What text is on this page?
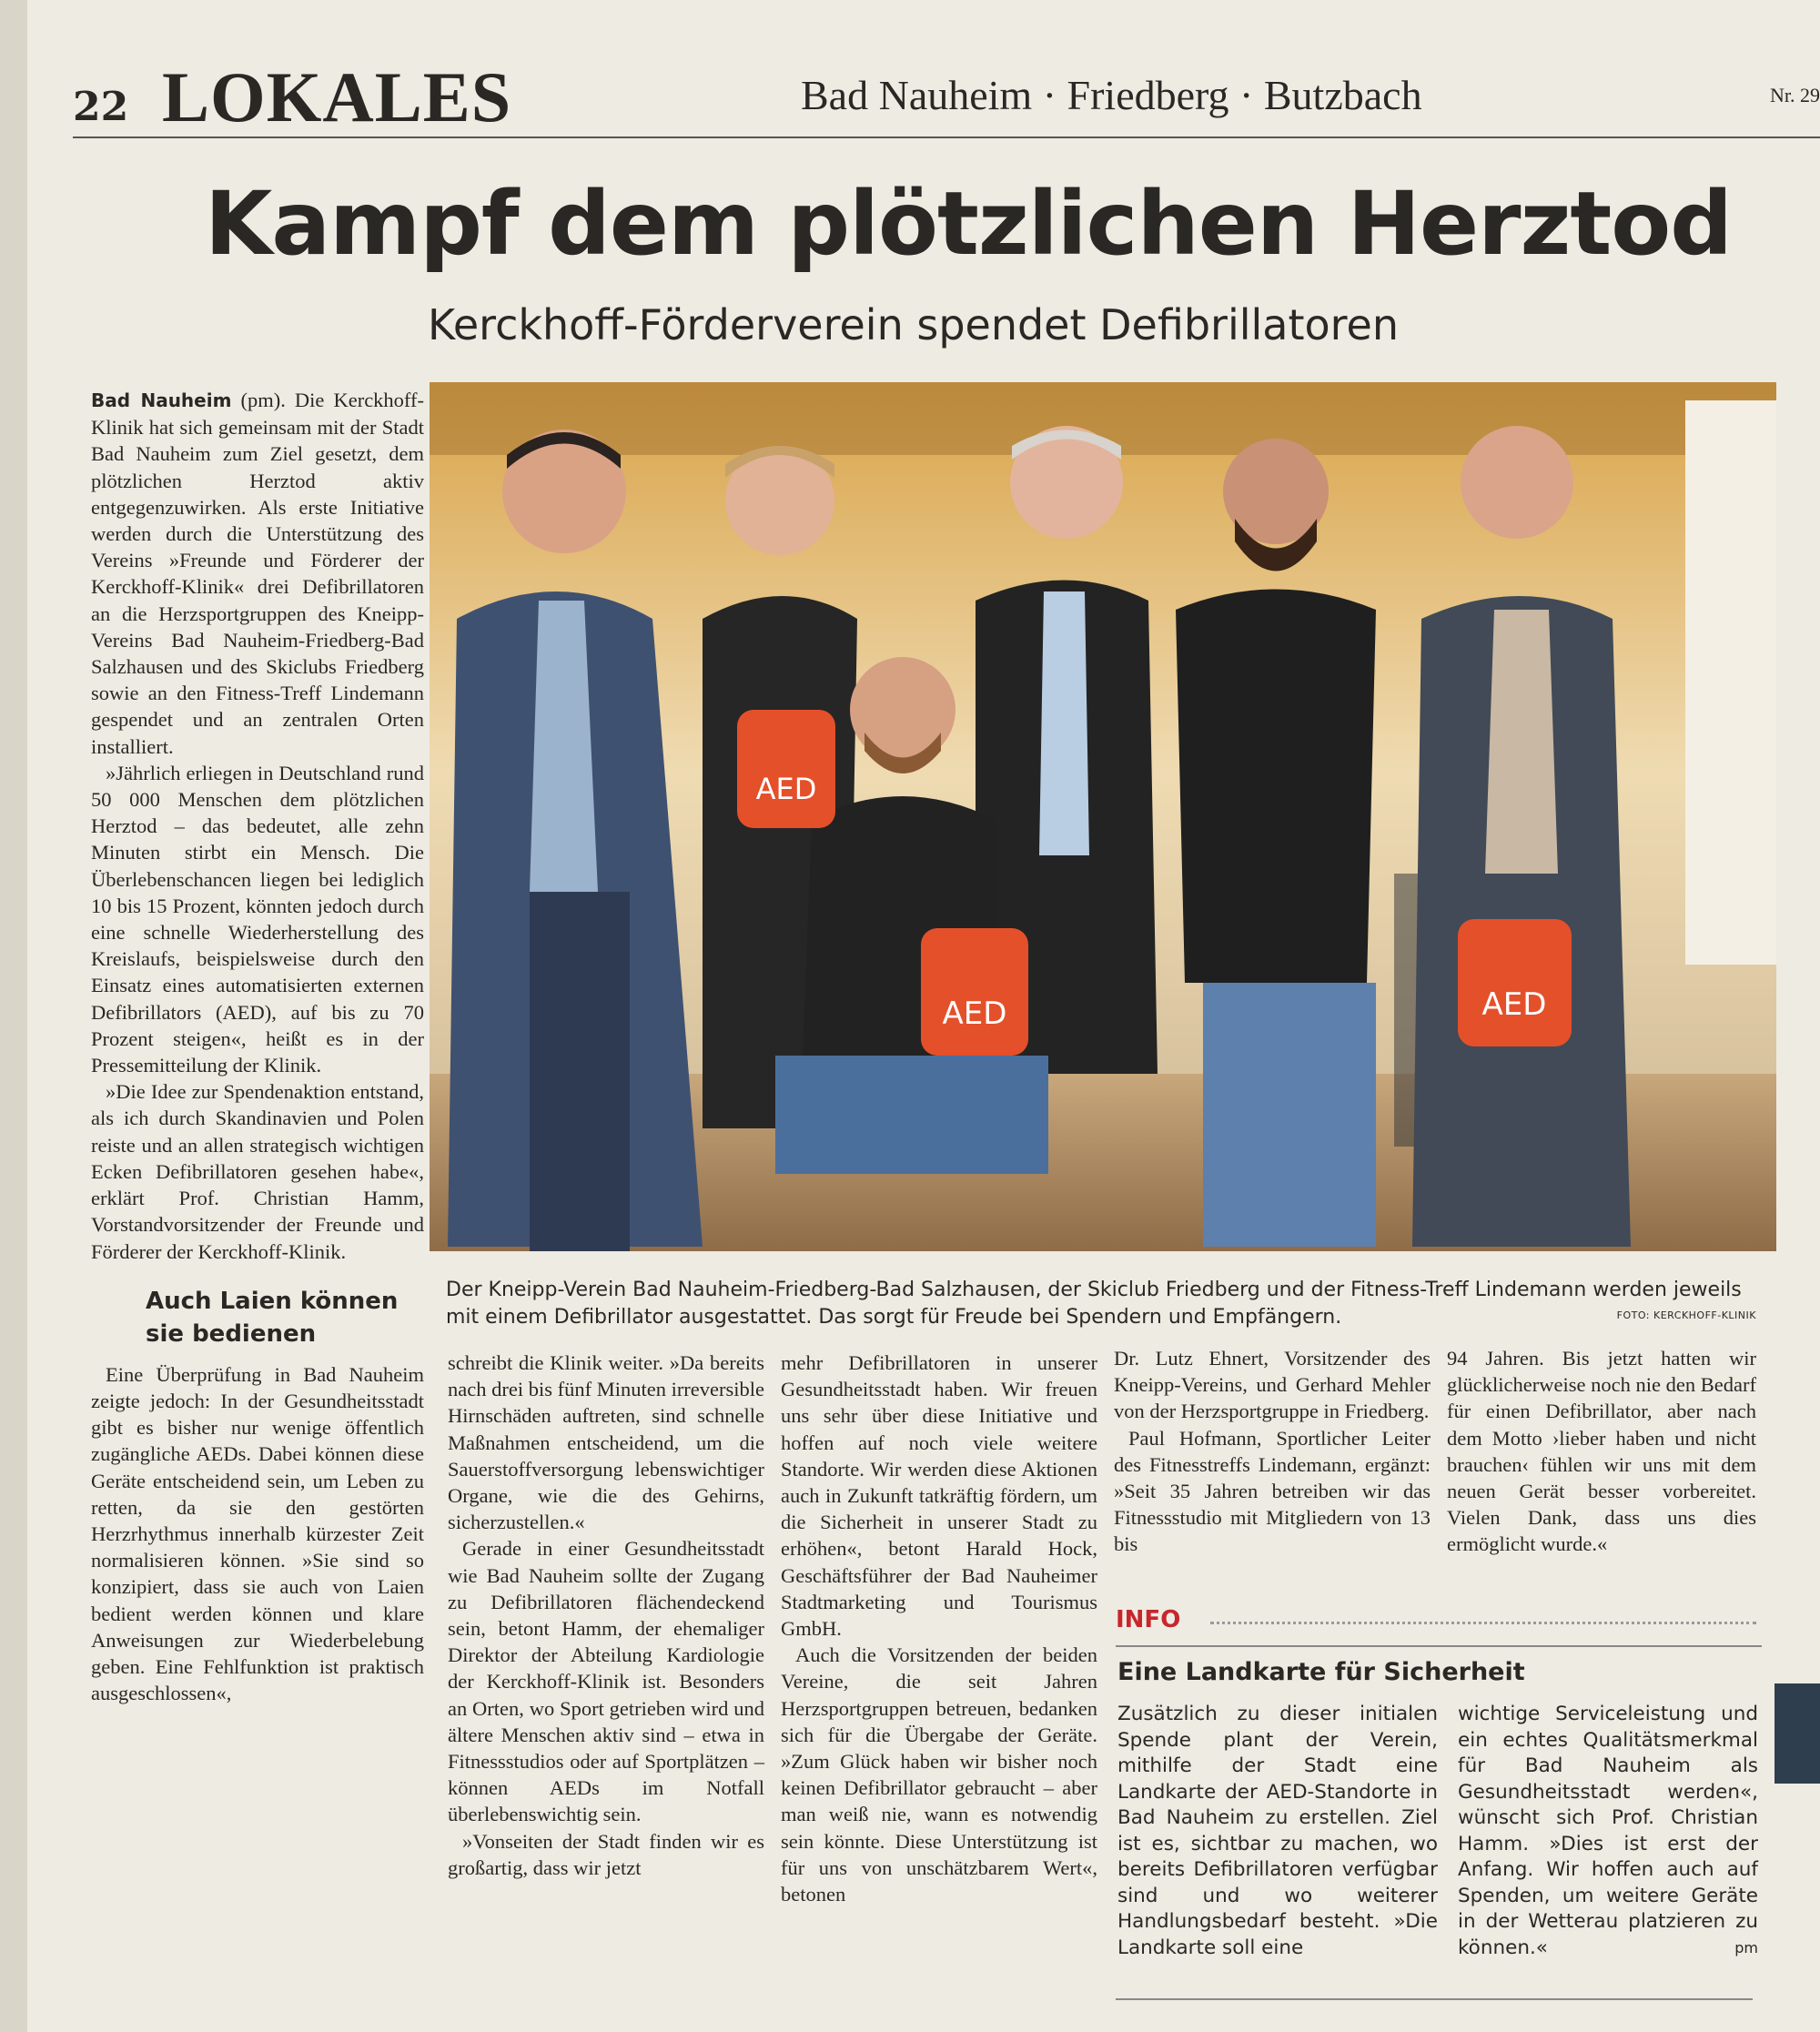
22 LOKALES	Bad Nauheim · Friedberg · Butzbach	Nr. 29
Kampf dem plötzlichen Herztod
Kerckhoff-Förderverein spendet Defibrillatoren

Bad Nauheim (pm). Die Kerckhoff-Klinik hat sich gemeinsam mit der Stadt Bad Nauheim zum Ziel gesetzt, dem plötzlichen Herztod aktiv entgegenzuwirken. Als erste Initiative werden durch die Unterstützung des Vereins »Freunde und Förderer der Kerckhoff-Klinik« drei Defibrillatoren an die Herzsportgruppen des Kneipp-Vereins Bad Nauheim-Friedberg-Bad Salzhausen und des Skiclubs Friedberg sowie an den Fitness-Treff Lindemann gespendet und an zentralen Orten installiert.

»Jährlich erliegen in Deutschland rund 50 000 Menschen dem plötzlichen Herztod – das bedeutet, alle zehn Minuten stirbt ein Mensch. Die Überlebenschancen liegen bei lediglich 10 bis 15 Prozent, könnten jedoch durch eine schnelle Wiederherstellung des Kreislaufs, beispielsweise durch den Einsatz eines automatisierten externen Defibrillators (AED), auf bis zu 70 Prozent steigen«, heißt es in der Pressemitteilung der Klinik.

»Die Idee zur Spendenaktion entstand, als ich durch Skandinavien und Polen reiste und an allen strategisch wichtigen Ecken Defibrillatoren gesehen habe«, erklärt Prof. Christian Hamm, Vorstandvorsitzender der Freunde und Förderer der Kerckhoff-Klinik.

Auch Laien können sie bedienen

Eine Überprüfung in Bad Nauheim zeigte jedoch: In der Gesundheitsstadt gibt es bisher nur wenige öffentlich zugängliche AEDs. Dabei können diese Geräte entscheidend sein, um Leben zu retten, da sie den gestörten Herzrhythmus innerhalb kürzester Zeit normalisieren können. »Sie sind so konzipiert, dass sie auch von Laien bedient werden können und klare Anweisungen zur Wiederbelebung geben. Eine Fehlfunktion ist praktisch ausgeschlossen«,

AED
AED	AED
Der Kneipp-Verein Bad Nauheim-Friedberg-Bad Salzhausen, der Skiclub Friedberg und der Fitness-Treff Lindemann werden jeweils mit einem Defibrillator ausgestattet. Das sorgt für Freude bei Spendern und Empfängern.	FOTO: KERCKHOFF-KLINIK

schreibt die Klinik weiter. »Da bereits nach drei bis fünf Minuten irreversible Hirnschäden auftreten, sind schnelle Maßnahmen entscheidend, um die Sauerstoffversorgung lebenswichtiger Organe, wie die des Gehirns, sicherzustellen.«

Gerade in einer Gesundheitsstadt wie Bad Nauheim sollte der Zugang zu Defibrillatoren flächendeckend sein, betont Hamm, der ehemaliger Direktor der Abteilung Kardiologie der Kerckhoff-Klinik ist. Besonders an Orten, wo Sport getrieben wird und ältere Menschen aktiv sind – etwa in Fitnessstudios oder auf Sportplätzen – können AEDs im Notfall überlebenswichtig sein.

»Vonseiten der Stadt finden wir es großartig, dass wir jetzt

mehr Defibrillatoren in unserer Gesundheitsstadt haben. Wir freuen uns sehr über diese Initiative und hoffen auf noch viele weitere Standorte. Wir werden diese Aktionen auch in Zukunft tatkräftig fördern, um die Sicherheit in unserer Stadt zu erhöhen«, betont Harald Hock, Geschäftsführer der Bad Nauheimer Stadtmarketing und Tourismus GmbH.

Auch die Vorsitzenden der beiden Vereine, die seit Jahren Herzsportgruppen betreuen, bedanken sich für die Übergabe der Geräte. »Zum Glück haben wir bisher noch keinen Defibrillator gebraucht – aber man weiß nie, wann es notwendig sein könnte. Diese Unterstützung ist für uns von unschätzbarem Wert«, betonen

Dr. Lutz Ehnert, Vorsitzender des Kneipp-Vereins, und Gerhard Mehler von der Herzsportgruppe in Friedberg.

Paul Hofmann, Sportlicher Leiter des Fitnesstreffs Lindemann, ergänzt: »Seit 35 Jahren betreiben wir das Fitnessstudio mit Mitgliedern von 13 bis

94 Jahren. Bis jetzt hatten wir glücklicherweise noch nie den Bedarf für einen Defibrillator, aber nach dem Motto ›lieber haben und nicht brauchen‹ fühlen wir uns mit dem neuen Gerät besser vorbereitet. Vielen Dank, dass uns dies ermöglicht wurde.«

INFO
Eine Landkarte für Sicherheit
Zusätzlich zu dieser initialen Spende plant der Verein, mithilfe der Stadt eine Landkarte der AED-Standorte in Bad Nauheim zu erstellen. Ziel ist es, sichtbar zu machen, wo bereits Defibrillatoren verfügbar sind und wo weiterer Handlungsbedarf besteht. »Die Landkarte soll eine
wichtige Serviceleistung und ein echtes Qualitätsmerkmal für Bad Nauheim als Gesundheitsstadt werden«, wünscht sich Prof. Christian Hamm. »Dies ist erst der Anfang. Wir hoffen auch auf Spenden, um weitere Geräte in der Wetterau platzieren zu können.«	pm
